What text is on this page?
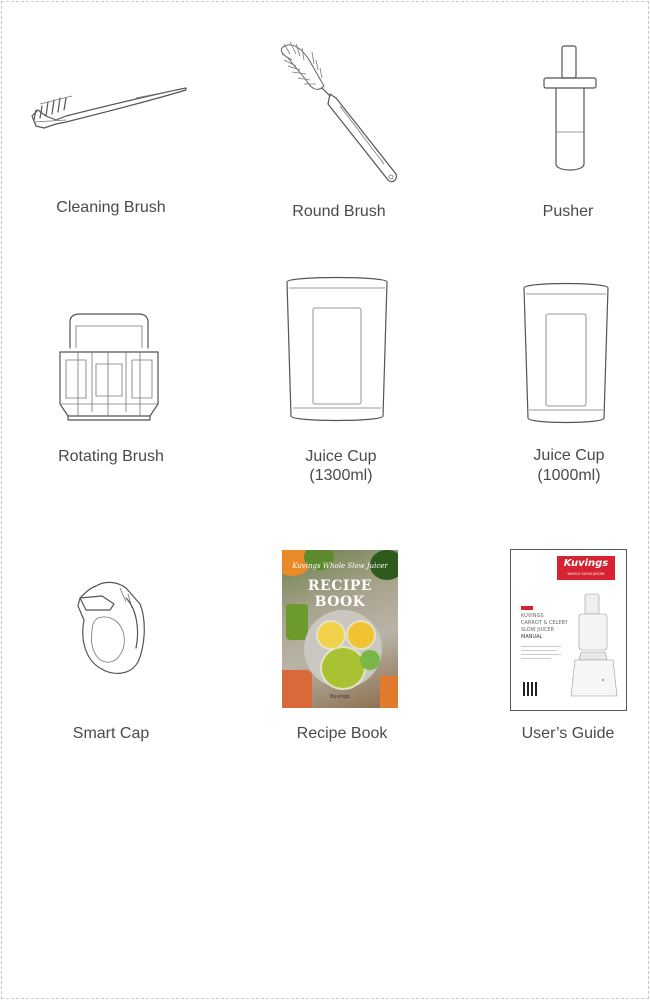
Cleaning Brush	Round Brush	Pusher
Rotating Brush	Juice Cup
(1300ml)
Juice Cup
(1000ml)
Smart Cap
Kuvings Whole Slow Juicer
RECIPE BOOK
Kuvings
Recipe Book
Kuvings
WHOLE SLOW JUICER
KUVINGS
CARROT & CELERY
SLOW JUICER
MANUAL
User’s Guide
